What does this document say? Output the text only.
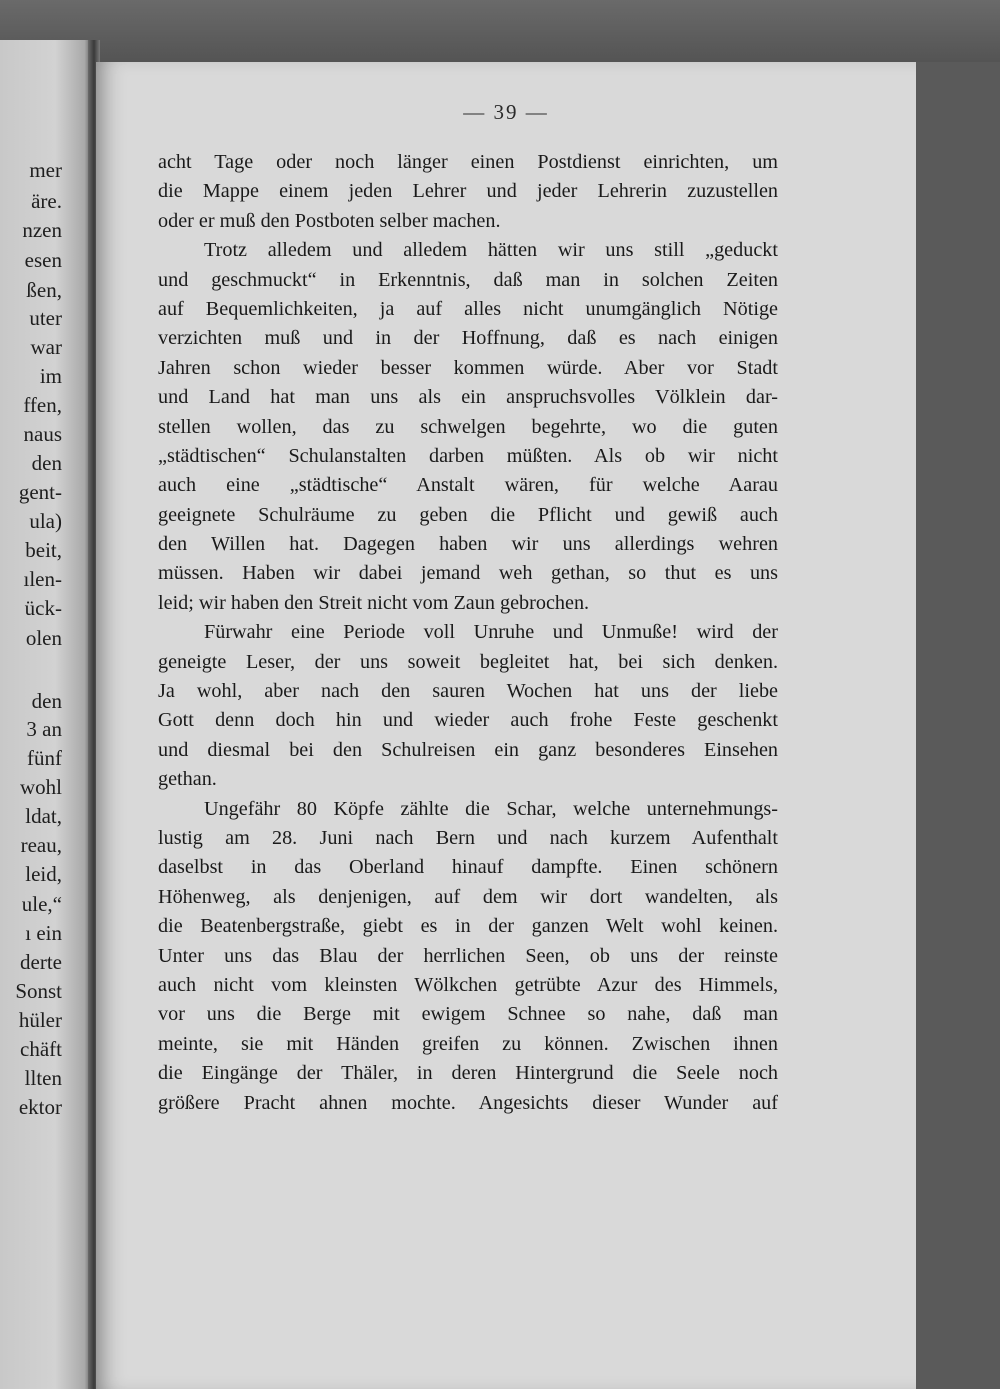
mer
äre.
nzen
esen
ßen,
uter
war
im
ffen,
naus
den
gent-
ula)
beit,
ılen-
ück-
olen
den
3 an
fünf
wohl
ldat,
reau,
leid,
ule,“
ı ein
derte
Sonst
hüler
chäft
llten
ektor
— 39 —
acht Tage oder noch länger einen Postdienst einrichten, um
die Mappe einem jeden Lehrer und jeder Lehrerin zuzustellen
oder er muß den Postboten selber machen.
Trotz alledem und alledem hätten wir uns still „geduckt
und geschmuckt“ in Erkenntnis, daß man in solchen Zeiten
auf Bequemlichkeiten, ja auf alles nicht unumgänglich Nötige
verzichten muß und in der Hoffnung, daß es nach einigen
Jahren schon wieder besser kommen würde. Aber vor Stadt
und Land hat man uns als ein anspruchsvolles Völklein dar-
stellen wollen, das zu schwelgen begehrte, wo die guten
„städtischen“ Schulanstalten darben müßten. Als ob wir nicht
auch eine „städtische“ Anstalt wären, für welche Aarau
geeignete Schulräume zu geben die Pflicht und gewiß auch
den Willen hat. Dagegen haben wir uns allerdings wehren
müssen. Haben wir dabei jemand weh gethan, so thut es uns
leid; wir haben den Streit nicht vom Zaun gebrochen.
Fürwahr eine Periode voll Unruhe und Unmuße! wird der
geneigte Leser, der uns soweit begleitet hat, bei sich denken.
Ja wohl, aber nach den sauren Wochen hat uns der liebe
Gott denn doch hin und wieder auch frohe Feste geschenkt
und diesmal bei den Schulreisen ein ganz besonderes Einsehen
gethan.
Ungefähr 80 Köpfe zählte die Schar, welche unternehmungs-
lustig am 28. Juni nach Bern und nach kurzem Aufenthalt
daselbst in das Oberland hinauf dampfte. Einen schönern
Höhenweg, als denjenigen, auf dem wir dort wandelten, als
die Beatenbergstraße, giebt es in der ganzen Welt wohl keinen.
Unter uns das Blau der herrlichen Seen, ob uns der reinste
auch nicht vom kleinsten Wölkchen getrübte Azur des Himmels,
vor uns die Berge mit ewigem Schnee so nahe, daß man
meinte, sie mit Händen greifen zu können. Zwischen ihnen
die Eingänge der Thäler, in deren Hintergrund die Seele noch
größere Pracht ahnen mochte. Angesichts dieser Wunder auf
